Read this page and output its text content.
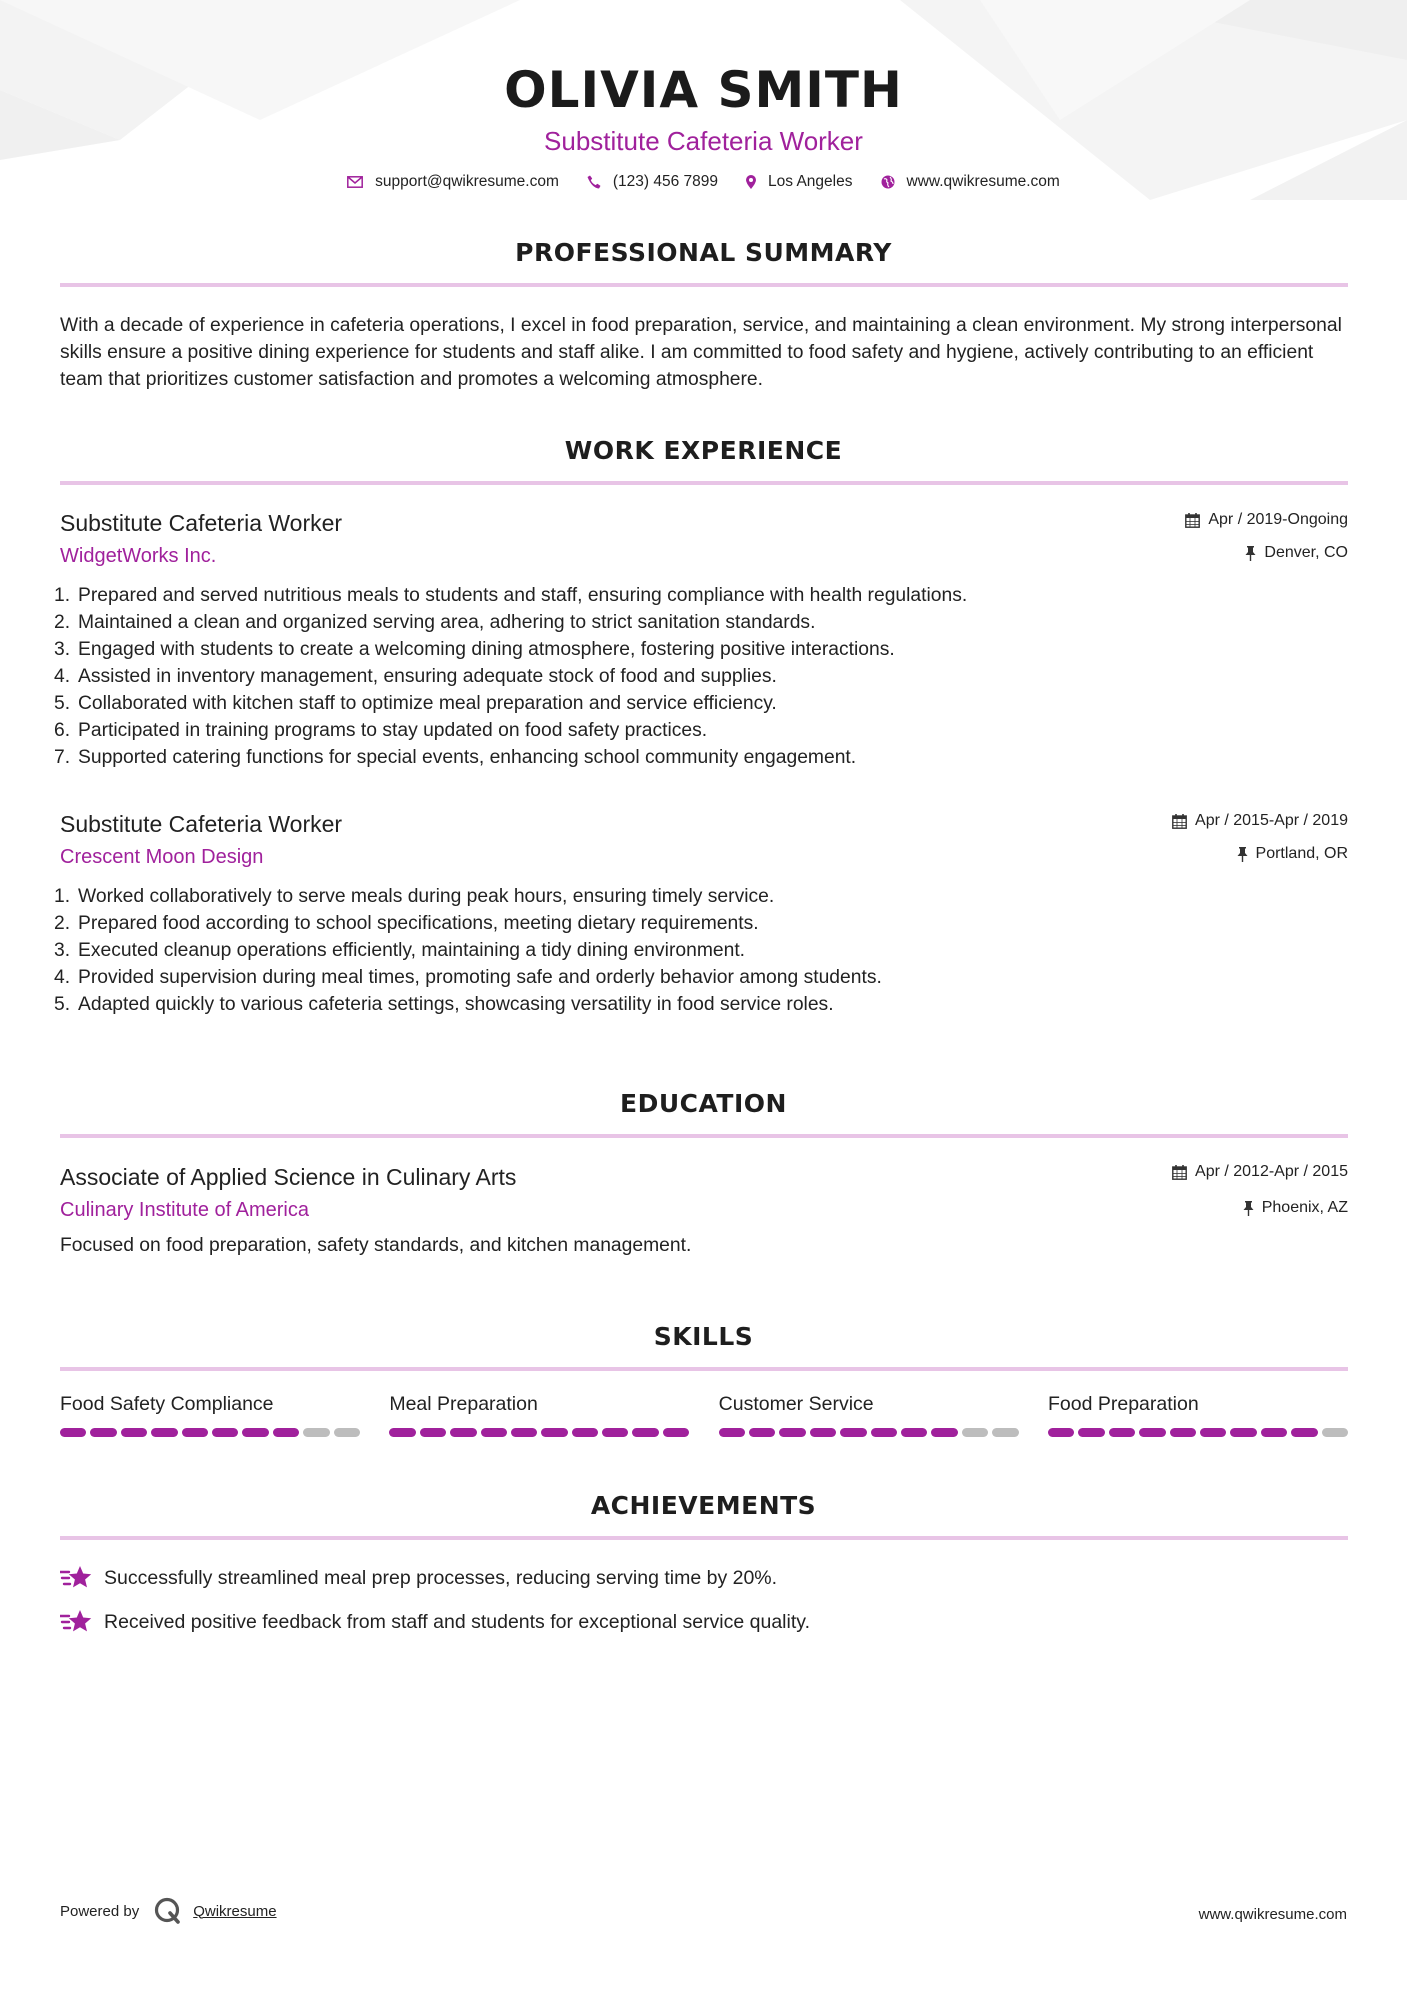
OLIVIA SMITH
Substitute Cafeteria Worker
support@qwikresume.com	(123) 456 7899	Los Angeles	www.qwikresume.com
PROFESSIONAL SUMMARY
With a decade of experience in cafeteria operations, I excel in food preparation, service, and maintaining a clean environment. My strong interpersonal skills ensure a positive dining experience for students and staff alike. I am committed to food safety and hygiene, actively contributing to an efficient team that prioritizes customer satisfaction and promotes a welcoming atmosphere.
WORK EXPERIENCE
Substitute Cafeteria Worker
WidgetWorks Inc.
Apr / 2019-Ongoing
Denver, CO
Prepared and served nutritious meals to students and staff, ensuring compliance with health regulations.
Maintained a clean and organized serving area, adhering to strict sanitation standards.
Engaged with students to create a welcoming dining atmosphere, fostering positive interactions.
Assisted in inventory management, ensuring adequate stock of food and supplies.
Collaborated with kitchen staff to optimize meal preparation and service efficiency.
Participated in training programs to stay updated on food safety practices.
Supported catering functions for special events, enhancing school community engagement.
Substitute Cafeteria Worker
Crescent Moon Design
Apr / 2015-Apr / 2019
Portland, OR
Worked collaboratively to serve meals during peak hours, ensuring timely service.
Prepared food according to school specifications, meeting dietary requirements.
Executed cleanup operations efficiently, maintaining a tidy dining environment.
Provided supervision during meal times, promoting safe and orderly behavior among students.
Adapted quickly to various cafeteria settings, showcasing versatility in food service roles.
EDUCATION
Associate of Applied Science in Culinary Arts
Culinary Institute of America
Apr / 2012-Apr / 2015
Phoenix, AZ
Focused on food preparation, safety standards, and kitchen management.
SKILLS
Food Safety Compliance	Meal Preparation	Customer Service	Food Preparation
ACHIEVEMENTS
Successfully streamlined meal prep processes, reducing serving time by 20%.
Received positive feedback from staff and students for exceptional service quality.
Powered by	Qwikresume	www.qwikresume.com
